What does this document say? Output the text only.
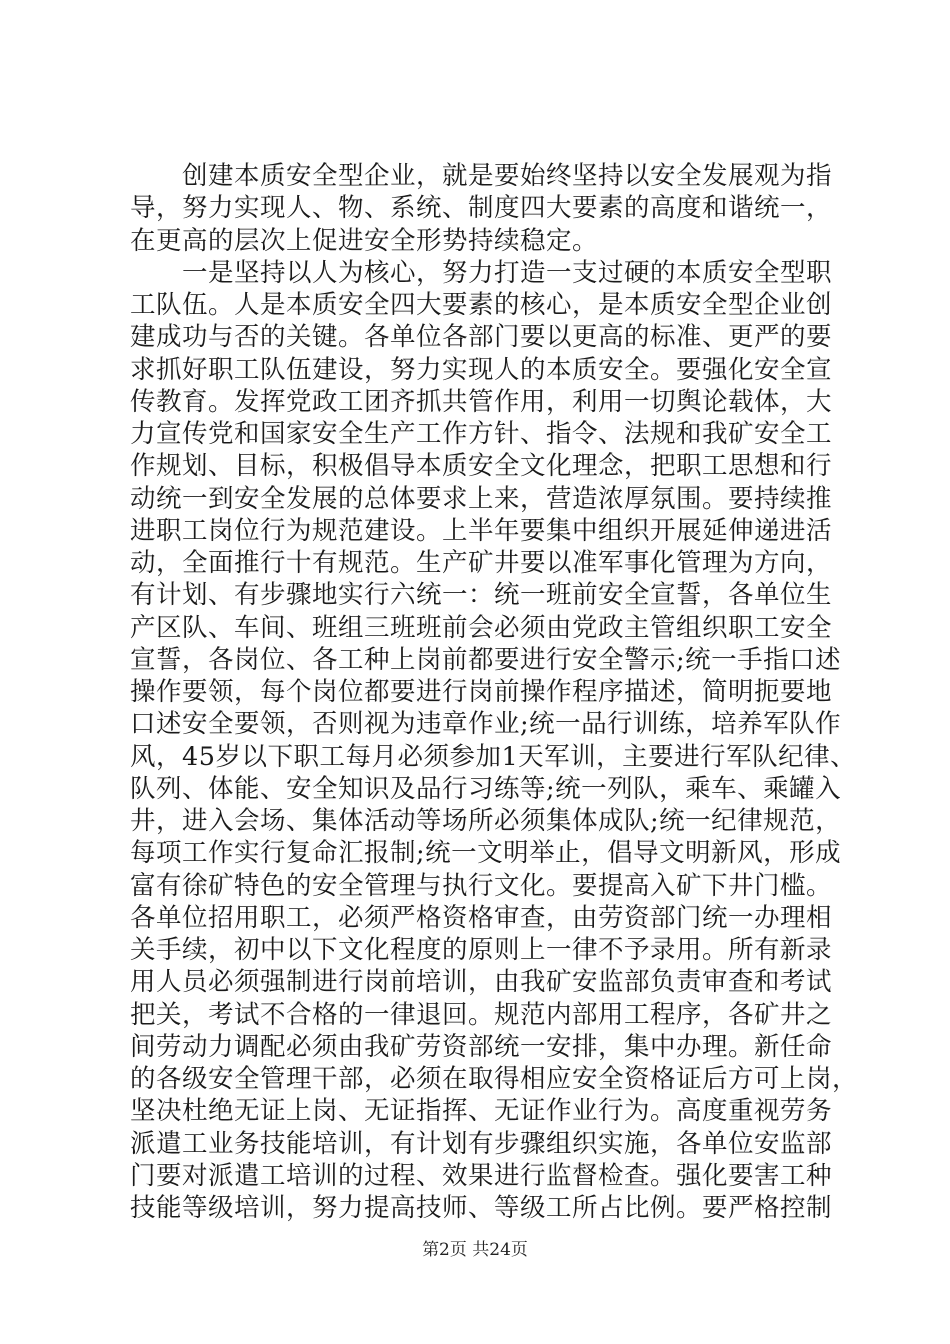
创建本质安全型企业，就是要始终坚持以安全发展观为指
导，努力实现人、物、系统、制度四大要素的高度和谐统一，
在更高的层次上促进安全形势持续稳定。
一是坚持以人为核心，努力打造一支过硬的本质安全型职
工队伍。人是本质安全四大要素的核心，是本质安全型企业创
建成功与否的关键。各单位各部门要以更高的标准、更严的要
求抓好职工队伍建设，努力实现人的本质安全。要强化安全宣
传教育。发挥党政工团齐抓共管作用，利用一切舆论载体，大
力宣传党和国家安全生产工作方针、指令、法规和我矿安全工
作规划、目标，积极倡导本质安全文化理念，把职工思想和行
动统一到安全发展的总体要求上来，营造浓厚氛围。要持续推
进职工岗位行为规范建设。上半年要集中组织开展延伸递进活
动，全面推行十有规范。生产矿井要以准军事化管理为方向，
有计划、有步骤地实行六统一：统一班前安全宣誓，各单位生
产区队、车间、班组三班班前会必须由党政主管组织职工安全
宣誓，各岗位、各工种上岗前都要进行安全警示;统一手指口述
操作要领，每个岗位都要进行岗前操作程序描述，简明扼要地
口述安全要领，否则视为违章作业;统一品行训练，培养军队作
风，45岁以下职工每月必须参加1天军训，主要进行军队纪律、
队列、体能、安全知识及品行习练等;统一列队，乘车、乘罐入
井，进入会场、集体活动等场所必须集体成队;统一纪律规范，
每项工作实行复命汇报制;统一文明举止，倡导文明新风，形成
富有徐矿特色的安全管理与执行文化。要提高入矿下井门槛。
各单位招用职工，必须严格资格审查，由劳资部门统一办理相
关手续，初中以下文化程度的原则上一律不予录用。所有新录
用人员必须强制进行岗前培训，由我矿安监部负责审查和考试
把关，考试不合格的一律退回。规范内部用工程序，各矿井之
间劳动力调配必须由我矿劳资部统一安排，集中办理。新任命
的各级安全管理干部，必须在取得相应安全资格证后方可上岗，
坚决杜绝无证上岗、无证指挥、无证作业行为。高度重视劳务
派遣工业务技能培训，有计划有步骤组织实施，各单位安监部
门要对派遣工培训的过程、效果进行监督检查。强化要害工种
技能等级培训，努力提高技师、等级工所占比例。要严格控制
第2页 共24页
